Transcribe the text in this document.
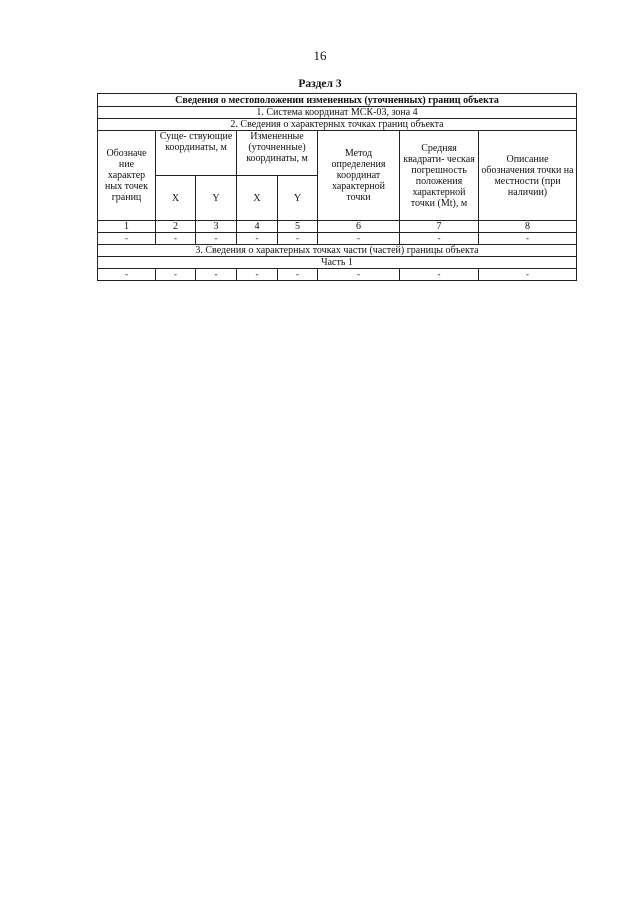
16
Раздел 3
Сведения о местоположении измененных (уточненных) границ объекта							
1. Система координат МСК-03, зона 4							
2. Сведения о характерных точках границ объекта							
Обозначе ние характер ных точек границ	Суще- ствующие координаты, м		Измененные (уточненные) координаты, м		Метод определения координат характерной точки	Средняя квадрати- ческая погрешность положения характерной точки (Mt), м	Описание обозначения точки на местности (при наличии)
	X	Y	X	Y			
1	2	3	4	5	6	7	8
-	-	-	-	-	-	-	-
3. Сведения о характерных точках части (частей) границы объекта							
Часть 1							
-	-	-	-	-	-	-	-
